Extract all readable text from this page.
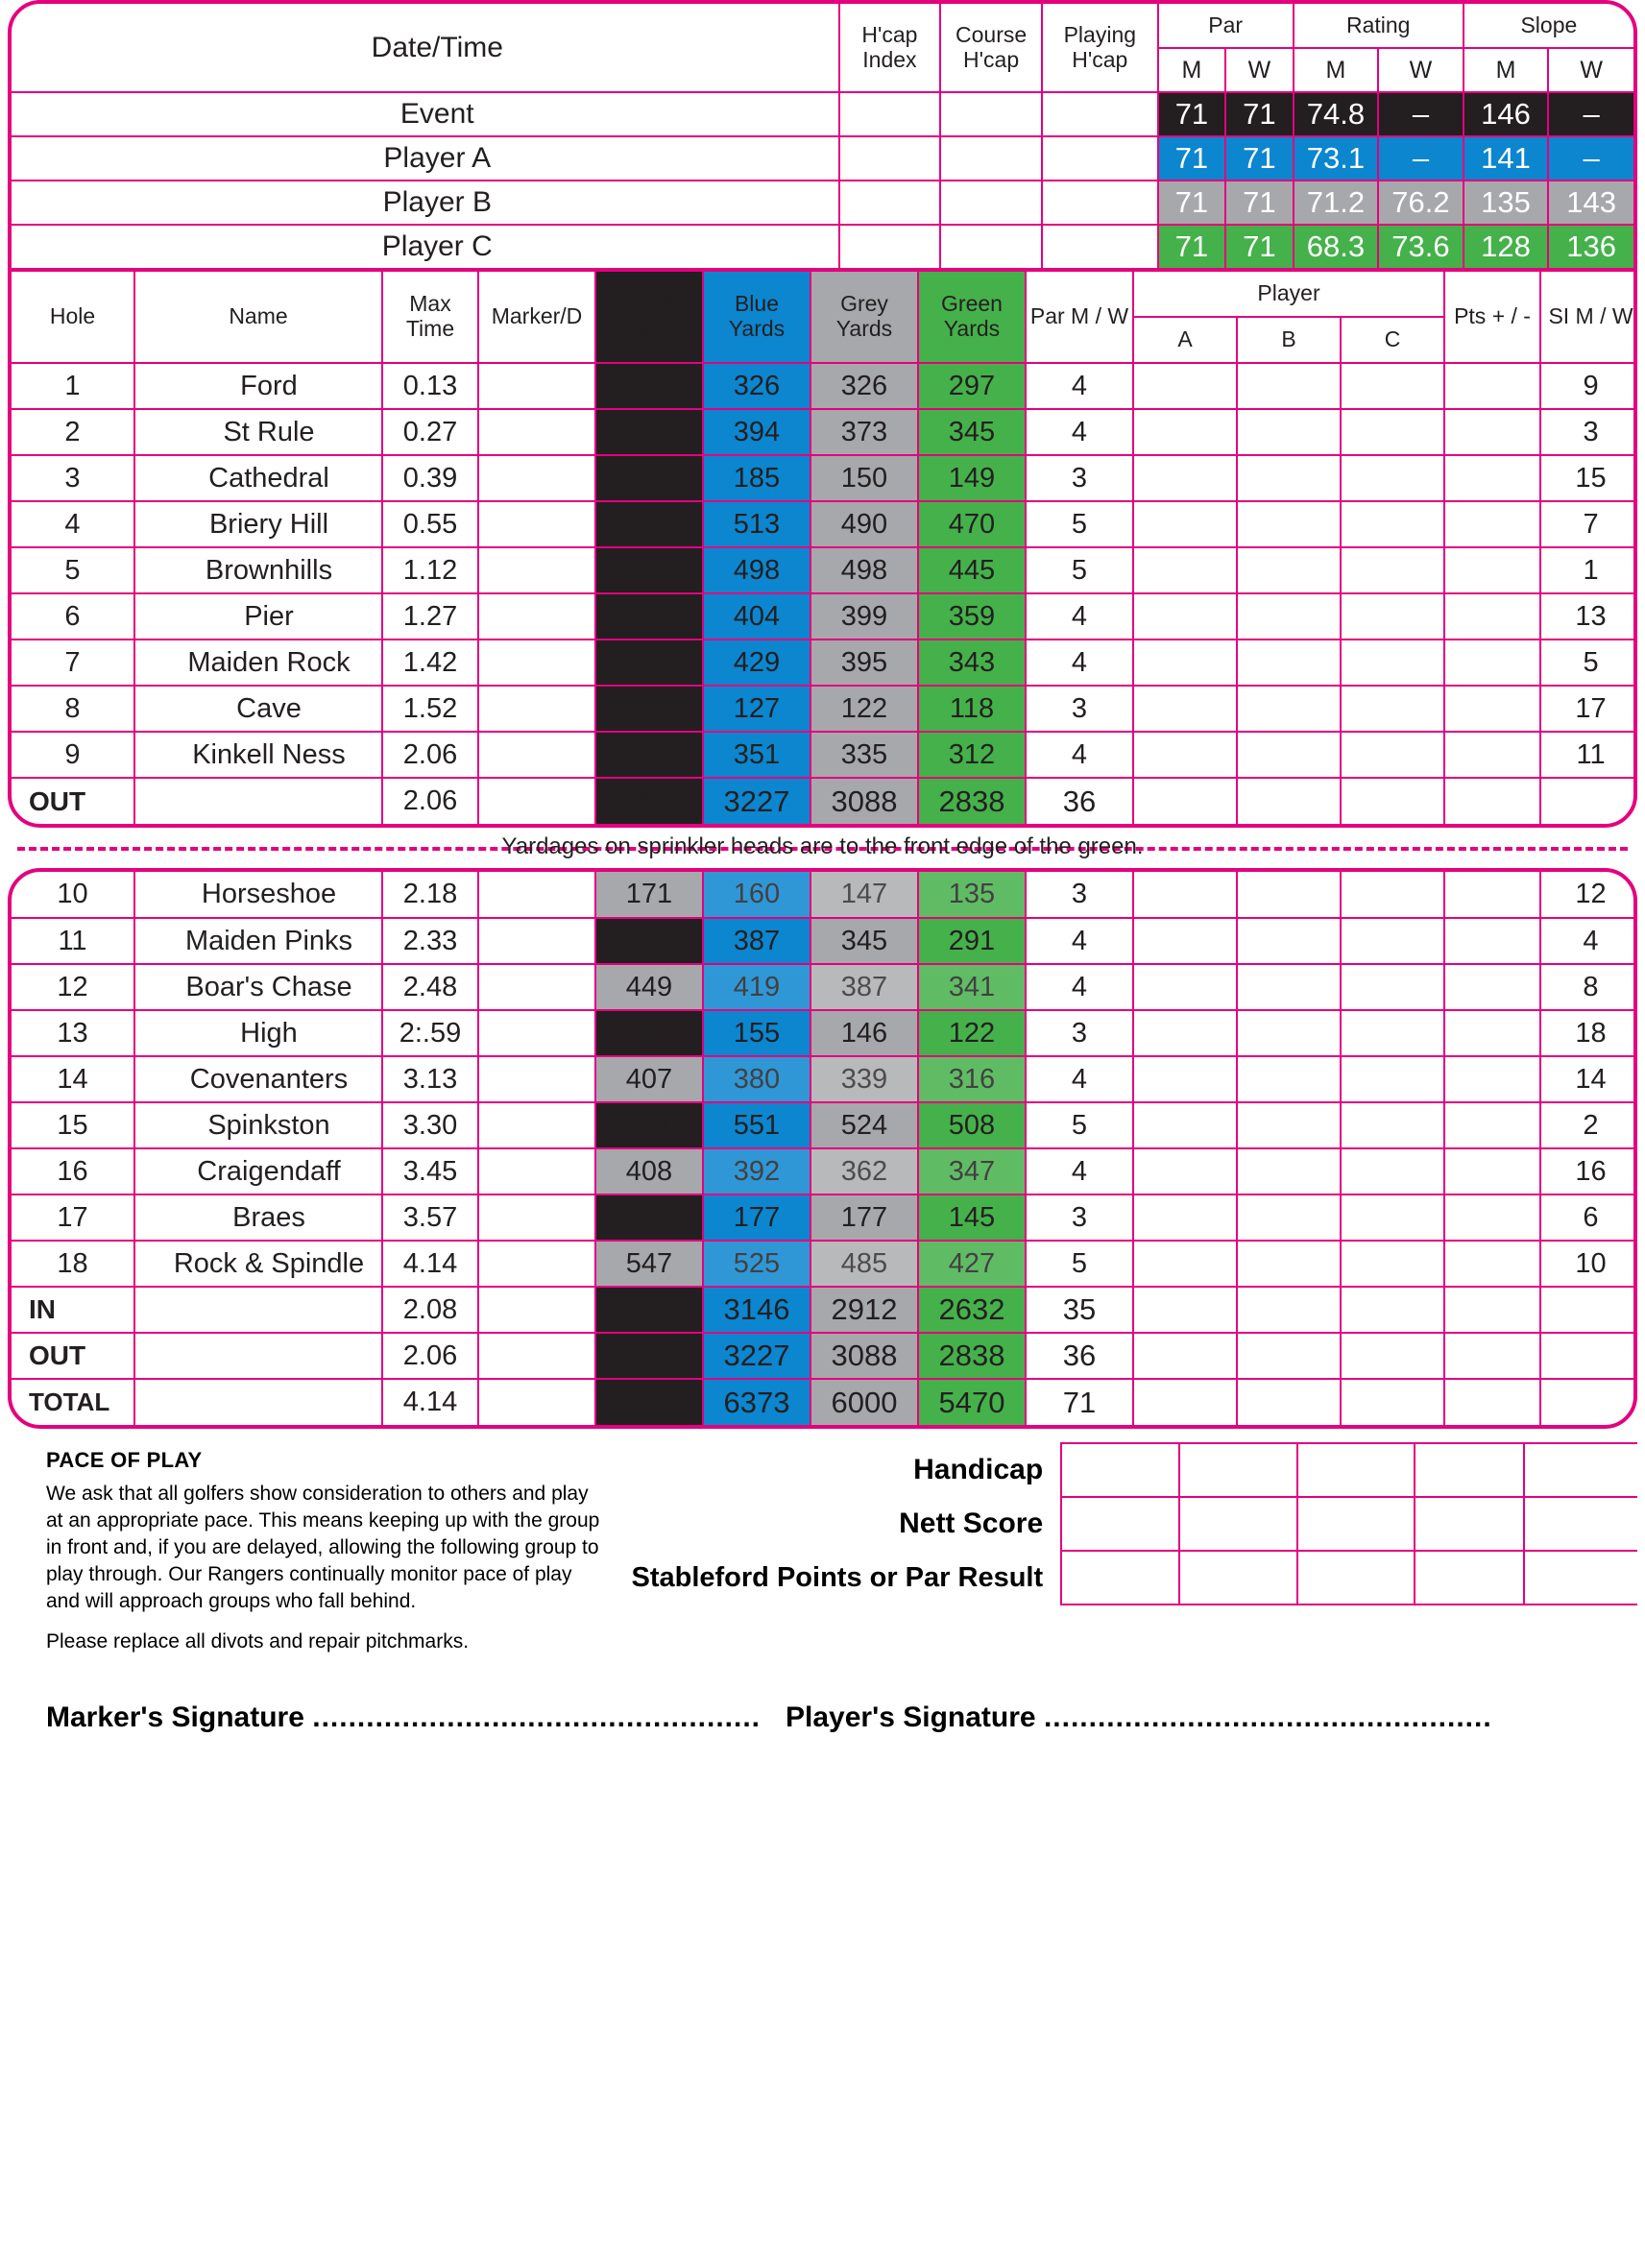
Date/Time	H'cap Index	Course H'cap	Playing H'cap	Par		Rating		Slope	
				M	W	M	W	M	W
Event				71	71	74.8	–	146	–
Player A				71	71	73.1	–	141	–
Player B				71	71	71.2	76.2	135	143
Player C				71	71	68.3	73.6	128	136
Hole	Name	Max Time	Marker/D	Black Yards	Blue Yards	Grey Yards	Green Yards	Par M / W	Player			Pts + / -	SI M / W
									A	B	C		
1	Ford	0.13		336	326	326	297	4					9
2	St Rule	0.27		403	394	373	345	4					3
3	Cathedral	0.39		206	185	150	149	3					15
4	Briery Hill	0.55		535	513	490	470	5					7
5	Brownhills	1.12		536	498	498	445	5					1
6	Pier	1.27		424	404	399	359	4					13
7	Maiden Rock	1.42		456	429	395	343	4					5
8	Cave	1.52		138	127	122	118	3					17
9	Kinkell Ness	2.06		377	351	335	312	4					11
OUT		2.06		3411	3227	3088	2838	36					
Yardages on sprinkler heads are to the front edge of the green.
10	Horseshoe	2.18		171	160	147	135	3					12
11	Maiden Pinks	2.33		404	387	345	291	4					4
12	Boar's Chase	2.48		449	419	387	341	4					8
13	High	2:.59		182	155	146	122	3					18
14	Covenanters	3.13		407	380	339	316	4					14
15	Spinkston	3.30		581	551	524	508	5					2
16	Craigendaff	3.45		408	392	362	347	4					16
17	Braes	3.57		189	177	177	145	3					6
18	Rock & Spindle	4.14		547	525	485	427	5					10
IN		2.08		3338	3146	2912	2632	35					
OUT		2.06		3411	3227	3088	2838	36					
TOTAL		4.14		6749	6373	6000	5470	71					
PACE OF PLAY

We ask that all golfers show consideration to others and play at an appropriate pace. This means keeping up with the group in front and, if you are delayed, allowing the following group to play through. Our Rangers continually monitor pace of play and will approach groups who fall behind.

Please replace all divots and repair pitchmarks.

Handicap					
Nett Score					
Stableford Points or Par Result					
Marker's Signature .................................................. Player's Signature ..................................................
